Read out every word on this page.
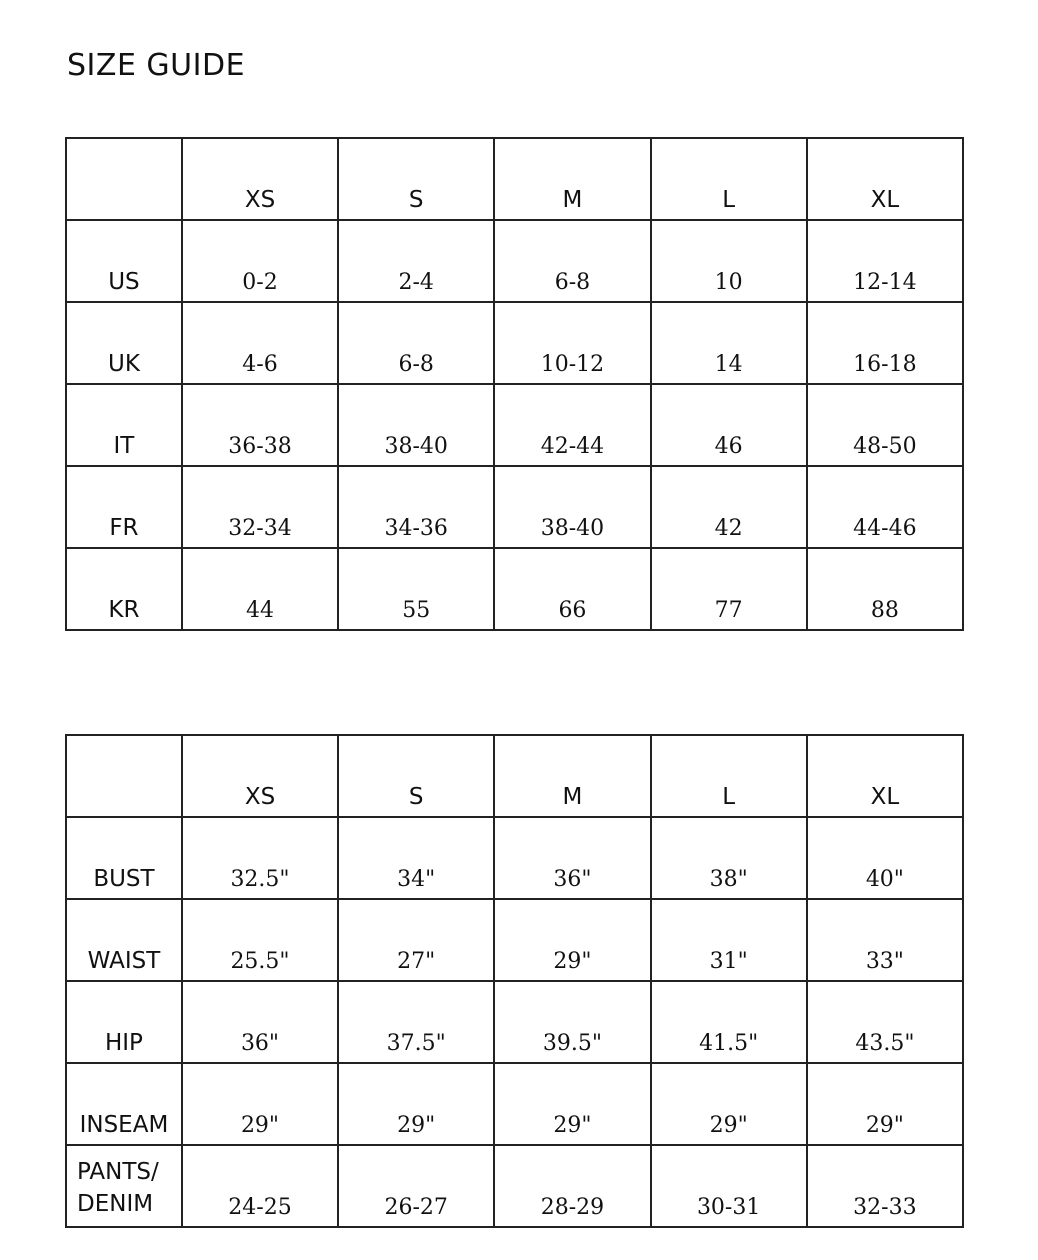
SIZE GUIDE
	XS	S	M	L	XL
US	0-2	2-4	6-8	10	12-14
UK	4-6	6-8	10-12	14	16-18
IT	36-38	38-40	42-44	46	48-50
FR	32-34	34-36	38-40	42	44-46
KR	44	55	66	77	88
	XS	S	M	L	XL
BUST	32.5"	34"	36"	38"	40"
WAIST	25.5"	27"	29"	31"	33"
HIP	36"	37.5"	39.5"	41.5"	43.5"
INSEAM	29"	29"	29"	29"	29"

PANTS/
DENIM	24-25	26-27	28-29	30-31	32-33
